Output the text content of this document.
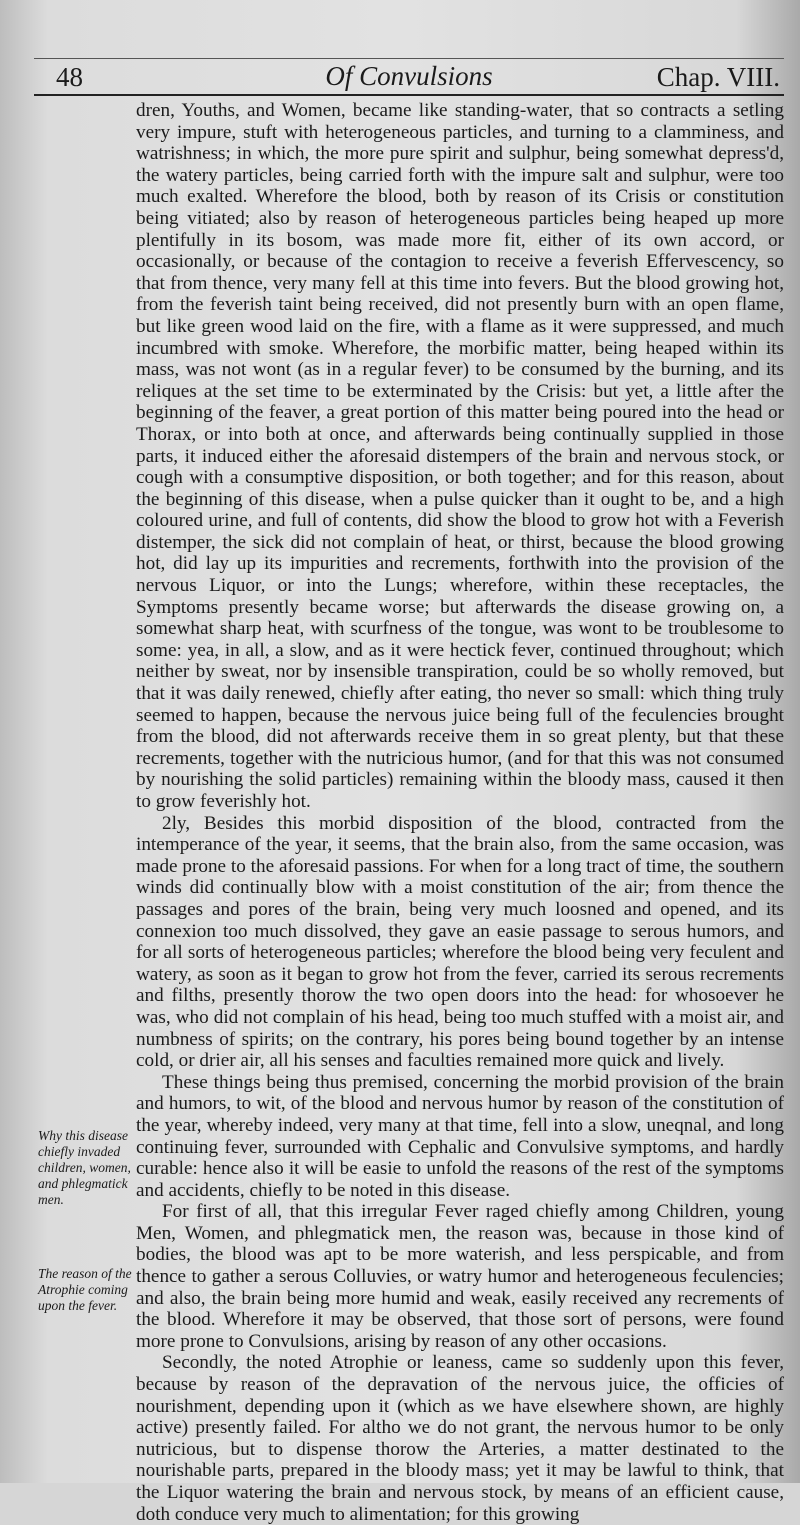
48	Of Convulsions	Chap. VIII.

dren, Youths, and Women, became like standing-water, that so contracts a setling very impure, stuft with heterogeneous particles, and turning to a clamminess, and watrishness; in which, the more pure spirit and sulphur, being somewhat depress'd, the watery particles, being carried forth with the impure salt and sulphur, were too much exalted. Wherefore the blood, both by reason of its Crisis or constitution being vitiated; also by reason of heterogeneous particles being heaped up more plentifully in its bosom, was made more fit, either of its own accord, or occasionally, or because of the contagion to receive a feverish Effervescency, so that from thence, very many fell at this time into fevers. But the blood growing hot, from the feverish taint being received, did not presently burn with an open flame, but like green wood laid on the fire, with a flame as it were suppressed, and much incumbred with smoke. Wherefore, the morbific matter, being heaped within its mass, was not wont (as in a regular fever) to be consumed by the burning, and its reliques at the set time to be exterminated by the Crisis: but yet, a little after the beginning of the feaver, a great portion of this matter being poured into the head or Thorax, or into both at once, and afterwards being continually supplied in those parts, it induced either the aforesaid distempers of the brain and nervous stock, or cough with a consumptive disposition, or both together; and for this reason, about the beginning of this disease, when a pulse quicker than it ought to be, and a high coloured urine, and full of contents, did show the blood to grow hot with a Feverish distemper, the sick did not complain of heat, or thirst, because the blood growing hot, did lay up its impurities and recrements, forthwith into the provision of the nervous Liquor, or into the Lungs; wherefore, within these receptacles, the Symptoms presently became worse; but afterwards the disease growing on, a somewhat sharp heat, with scurfness of the tongue, was wont to be troublesome to some: yea, in all, a slow, and as it were hectick fever, continued throughout; which neither by sweat, nor by insensible transpiration, could be so wholly removed, but that it was daily renewed, chiefly after eating, tho never so small: which thing truly seemed to happen, because the nervous juice being full of the feculencies brought from the blood, did not afterwards receive them in so great plenty, but that these recrements, together with the nutricious humor, (and for that this was not consumed by nourishing the solid particles) remaining within the bloody mass, caused it then to grow feverishly hot.

2ly, Besides this morbid disposition of the blood, contracted from the intemperance of the year, it seems, that the brain also, from the same occasion, was made prone to the aforesaid passions. For when for a long tract of time, the southern winds did continually blow with a moist constitution of the air; from thence the passages and pores of the brain, being very much loosned and opened, and its connexion too much dissolved, they gave an easie passage to serous humors, and for all sorts of heterogeneous particles; wherefore the blood being very feculent and watery, as soon as it began to grow hot from the fever, carried its serous recrements and filths, presently thorow the two open doors into the head: for whosoever he was, who did not complain of his head, being too much stuffed with a moist air, and numbness of spirits; on the contrary, his pores being bound together by an intense cold, or drier air, all his senses and faculties remained more quick and lively.

These things being thus premised, concerning the morbid provision of the brain and humors, to wit, of the blood and nervous humor by reason of the constitution of the year, whereby indeed, very many at that time, fell into a slow, uneqnal, and long continuing fever, surrounded with Cephalic and Convulsive symptoms, and hardly curable: hence also it will be easie to unfold the reasons of the rest of the symptoms and accidents, chiefly to be noted in this disease.

For first of all, that this irregular Fever raged chiefly among Children, young Men, Women, and phlegmatick men, the reason was, because in those kind of bodies, the blood was apt to be more waterish, and less perspicable, and from thence to gather a serous Colluvies, or watry humor and heterogeneous feculencies; and also, the brain being more humid and weak, easily received any recrements of the blood. Wherefore it may be observed, that those sort of persons, were found more prone to Convulsions, arising by reason of any other occasions.

Secondly, the noted Atrophie or leaness, came so suddenly upon this fever, because by reason of the depravation of the nervous juice, the officies of nourishment, depending upon it (which as we have elsewhere shown, are highly active) presently failed. For altho we do not grant, the nervous humor to be only nutricious, but to dispense thorow the Arteries, a matter destinated to the nourishable parts, prepared in the bloody mass; yet it may be lawful to think, that the Liquor watering the brain and nervous stock, by means of an efficient cause, doth conduce very much to alimentation; for this growing

Why this disease chiefly invaded children, women, and phlegmatick men.
The reason of the Atrophie coming upon the fever.
